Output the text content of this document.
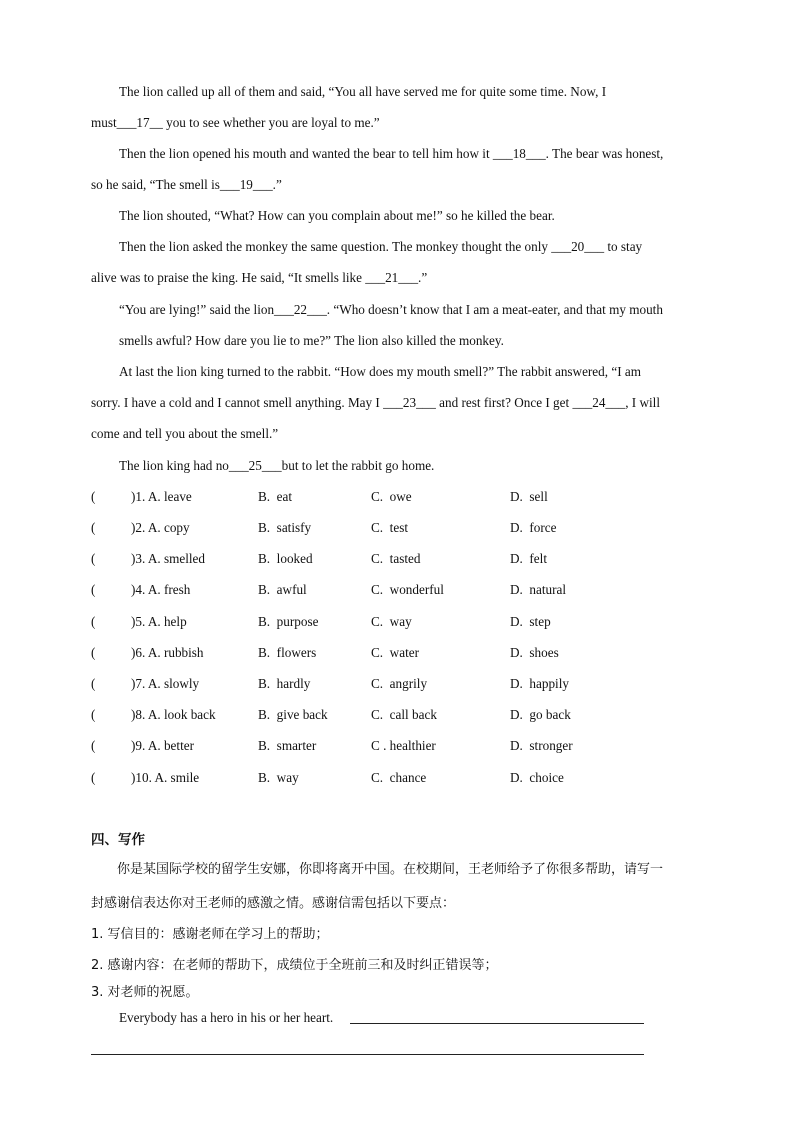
The lion called up all of them and said, “You all have served me for quite some time. Now, I
must___17__ you to see whether you are loyal to me.”
Then the lion opened his mouth and wanted the bear to tell him how it ___18___. The bear was honest,
so he said, “The smell is___19___.”
The lion shouted, “What? How can you complain about me!” so he killed the bear.
Then the lion asked the monkey the same question. The monkey thought the only ___20___ to stay
alive was to praise the king. He said, “It smells like ___21___.”
“You are lying!” said the lion___22___. “Who doesn’t know that I am a meat-eater, and that my mouth
smells awful? How dare you lie to me?” The lion also killed the monkey.
At last the lion king turned to the rabbit. “How does my mouth smell?” The rabbit answered, “I am
sorry. I have a cold and I cannot smell anything. May I ___23___ and rest first? Once I get ___24___, I will
come and tell you about the smell.”
The lion king had no___25___but to let the rabbit go home.
(	)1. A. leave	B.  eat	C.  owe	D.  sell
(	)2. A. copy	B.  satisfy	C.  test	D.  force
(	)3. A. smelled	B.  looked	C.  tasted	D.  felt
(	)4. A. fresh	B.  awful	C.  wonderful	D.  natural
(	)5. A. help	B.  purpose	C.  way	D.  step
(	)6. A. rubbish	B.  flowers	C.  water	D.  shoes
(	)7. A. slowly	B.  hardly	C.  angrily	D.  happily
(	)8. A. look back	B.  give back	C.  call back	D.  go back
(	)9. A. better	B.  smarter	C . healthier	D.  stronger
(	)10. A. smile	B.  way	C.  chance	D.  choice
四、写作
你是某国际学校的留学生安娜，你即将离开中国。在校期间，王老师给予了你很多帮助，请写一
封感谢信表达你对王老师的感激之情。感谢信需包括以下要点：
1. 写信目的：感谢老师在学习上的帮助；
2. 感谢内容：在老师的帮助下，成绩位于全班前三和及时纠正错误等；
3. 对老师的祝愿。
Everybody has a hero in his or her heart.
